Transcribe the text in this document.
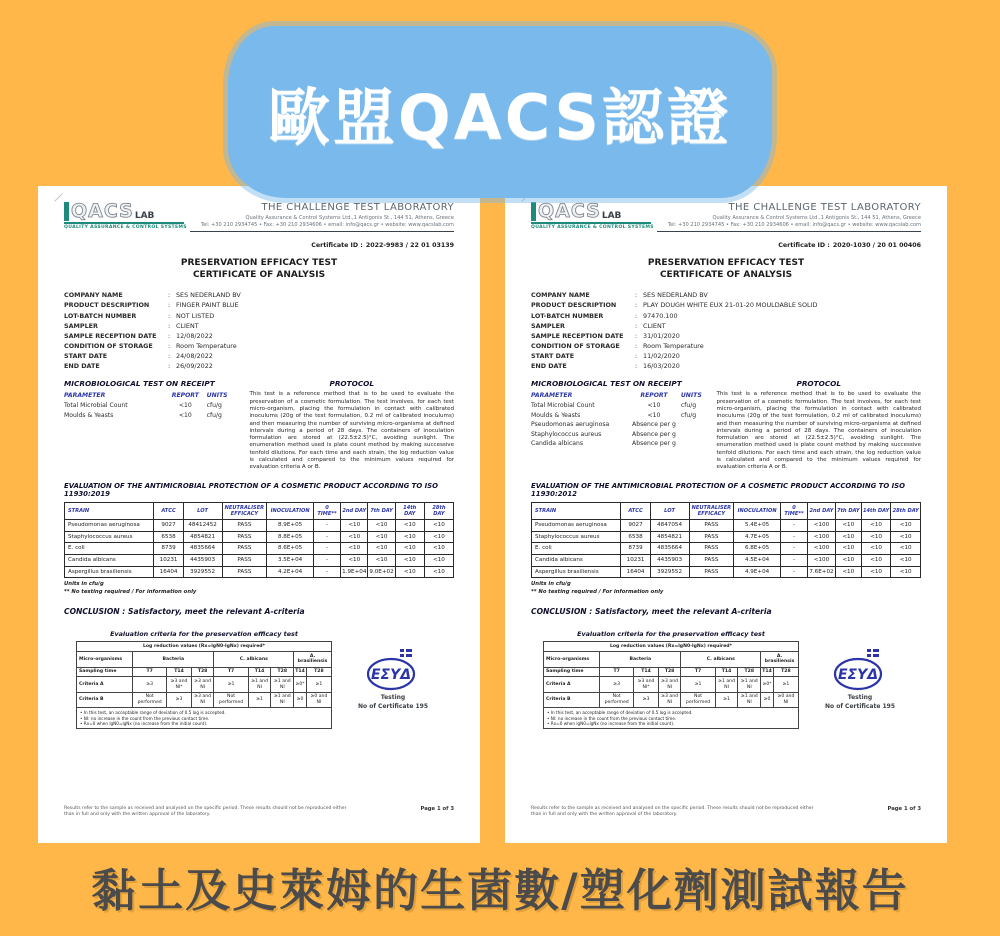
歐盟QACS認證
QACS LAB
QUALITY ASSURANCE & CONTROL SYSTEMS
THE CHALLENGE TEST LABORATORY
Quality Assurance & Control Systems Ltd.,1 Antigonis St., 144 51, Athens, Greece
Tel: +30 210 2934745 • Fax: +30 210 2934606 • email: info@qacs.gr • website: www.qacslab.com
Certificate ID : 2022-9983 / 22 01 03139
PRESERVATION EFFICACY TEST
CERTIFICATE OF ANALYSIS
COMPANY NAME	: SES NEDERLAND BV
PRODUCT DESCRIPTION	: FINGER PAINT BLUE
LOT-BATCH NUMBER	: NOT LISTED
SAMPLER	: CLIENT
SAMPLE RECEPTION DATE	: 12/08/2022
CONDITION OF STORAGE	: Room Temperature
START DATE	: 24/08/2022
END DATE	: 26/09/2022
MICROBIOLOGICAL TEST ON RECEIPT
PARAMETER	REPORT	UNITS
Total Microbial Count	<10	cfu/g
Moulds & Yeasts	<10	cfu/g
PROTOCOL
This test is a reference method that is to be used to evaluate the preservation of a cosmetic formulation. The test involves, for each test micro-organism, placing the formulation in contact with calibrated inoculums (20g of the test formulation, 0.2 ml of calibrated inoculums) and then measuring the number of surviving micro-organisms at defined intervals during a period of 28 days. The containers of inoculation formulation are stored at (22.5±2.5)°C, avoiding sunlight. The enumeration method used is plate count method by making successive tenfold dilutions. For each time and each strain, the log reduction value is calculated and compared to the minimum values required for evaluation criteria A or B.
EVALUATION OF THE ANTIMICROBIAL PROTECTION OF A COSMETIC PRODUCT ACCORDING TO ISO 11930:2019
STRAIN	ATCC	LOT	NEUTRALISER EFFICACY	INOCULATION	0 TIME**	2nd DAY	7th DAY	14th DAY	28th DAY
Pseudomonas aeruginosa	9027	48412452	PASS	8.9E+05	-	<10	<10	<10	<10
Staphylococcus aureus	6538	4854821	PASS	8.8E+05	-	<10	<10	<10	<10
E. coli	8739	4835664	PASS	8.6E+05	-	<10	<10	<10	<10
Candida albicans	10231	4435903	PASS	3.5E+04	-	<10	<10	<10	<10
Aspergillus brasiliensis	16404	3929552	PASS	4.2E+04	-	1.9E+04	9.0E+02	<10	<10
Units in cfu/g
** No testing required / For information only
CONCLUSION : Satisfactory, meet the relevant A-criteria
Evaluation criteria for the preservation efficacy test
Log reduction values (Rx=lgN0-lgNx) required*								
Micro-organisms	Bacteria			C. albicans			A. brasiliensis	
Sampling time	T7	T14	T28	T7	T14	T28	T14	T28
Criteria A	≥3	≥3 and NI*	≥3 and NI	≥1	≥1 and NI	≥1 and NI	≥0*	≥1
Criteria B	Not performed	≥3	≥3 and NI	Not performed	≥1	≥1 and NI	≥0	≥0 and NI

• In this test, an acceptable range of deviation of 0.5 log is accepted.
• NI: no increase in the count from the previous contact time.
• Rx=0 when lgN0=lgNx (no increase from the initial count).								
ΕΣΥΔ
Testing
No of Certificate 195
Results refer to the sample as received and analysed on the specific period. These results should not be reproduced either than in full and only with the written approval of the laboratory.
Page 1 of 3
QACS LAB
QUALITY ASSURANCE & CONTROL SYSTEMS
THE CHALLENGE TEST LABORATORY
Quality Assurance & Control Systems Ltd.,1 Antigonis St., 144 51, Athens, Greece
Tel: +30 210 2934745 • Fax: +30 210 2934606 • email: info@qacs.gr • website: www.qacslab.com
Certificate ID : 2020-1030 / 20 01 00406
PRESERVATION EFFICACY TEST
CERTIFICATE OF ANALYSIS
COMPANY NAME	: SES NEDERLAND BV
PRODUCT DESCRIPTION	: PLAY DOUGH WHITE EUX 21-01-20 MOULDABLE SOLID
LOT-BATCH NUMBER	: 97470.100
SAMPLER	: CLIENT
SAMPLE RECEPTION DATE	: 31/01/2020
CONDITION OF STORAGE	: Room Temperature
START DATE	: 11/02/2020
END DATE	: 16/03/2020
MICROBIOLOGICAL TEST ON RECEIPT
PARAMETER	REPORT	UNITS
Total Microbial Count	<10	cfu/g
Moulds & Yeasts	<10	cfu/g
Pseudomonas aeruginosa	Absence per g	
Staphylococcus aureus	Absence per g	
Candida albicans	Absence per g	
PROTOCOL
This test is a reference method that is to be used to evaluate the preservation of a cosmetic formulation. The test involves, for each test micro-organism, placing the formulation in contact with calibrated inoculums (20g of the test formulation, 0.2 ml of calibrated inoculums) and then measuring the number of surviving micro-organisms at defined intervals during a period of 28 days. The containers of inoculation formulation are stored at (22.5±2.5)°C, avoiding sunlight. The enumeration method used is plate count method by making successive tenfold dilutions. For each time and each strain, the log reduction value is calculated and compared to the minimum values required for evaluation criteria A or B.
EVALUATION OF THE ANTIMICROBIAL PROTECTION OF A COSMETIC PRODUCT ACCORDING TO ISO 11930:2012
STRAIN	ATCC	LOT	NEUTRALISER EFFICACY	INOCULATION	0 TIME**	2nd DAY	7th DAY	14th DAY	28th DAY
Pseudomonas aeruginosa	9027	4847054	PASS	5.4E+05	-	<100	<10	<10	<10
Staphylococcus aureus	6538	4854821	PASS	4.7E+05	-	<100	<10	<10	<10
E. coli	8739	4835664	PASS	6.8E+05	-	<100	<10	<10	<10
Candida albicans	10231	4435903	PASS	4.5E+04	-	<100	<10	<10	<10
Aspergillus brasiliensis	16404	3929552	PASS	4.9E+04	-	7.6E+02	<10	<10	<10
Units in cfu/g
** No testing required / For information only
CONCLUSION : Satisfactory, meet the relevant A-criteria
Evaluation criteria for the preservation efficacy test
Log reduction values (Rx=lgN0-lgNx) required*								
Micro-organisms	Bacteria			C. albicans			A. brasiliensis	
Sampling time	T7	T14	T28	T7	T14	T28	T14	T28
Criteria A	≥3	≥3 and NI*	≥3 and NI	≥1	≥1 and NI	≥1 and NI	≥0*	≥1
Criteria B	Not performed	≥3	≥3 and NI	Not performed	≥1	≥1 and NI	≥0	≥0 and NI

• In this test, an acceptable range of deviation of 0.5 log is accepted.
• NI: no increase in the count from the previous contact time.
• Rx=0 when lgN0=lgNx (no increase from the initial count).								
ΕΣΥΔ
Testing
No of Certificate 195
Results refer to the sample as received and analysed on the specific period. These results should not be reproduced either than in full and only with the written approval of the laboratory.
Page 1 of 3
黏土及史萊姆的生菌數/塑化劑測試報告
